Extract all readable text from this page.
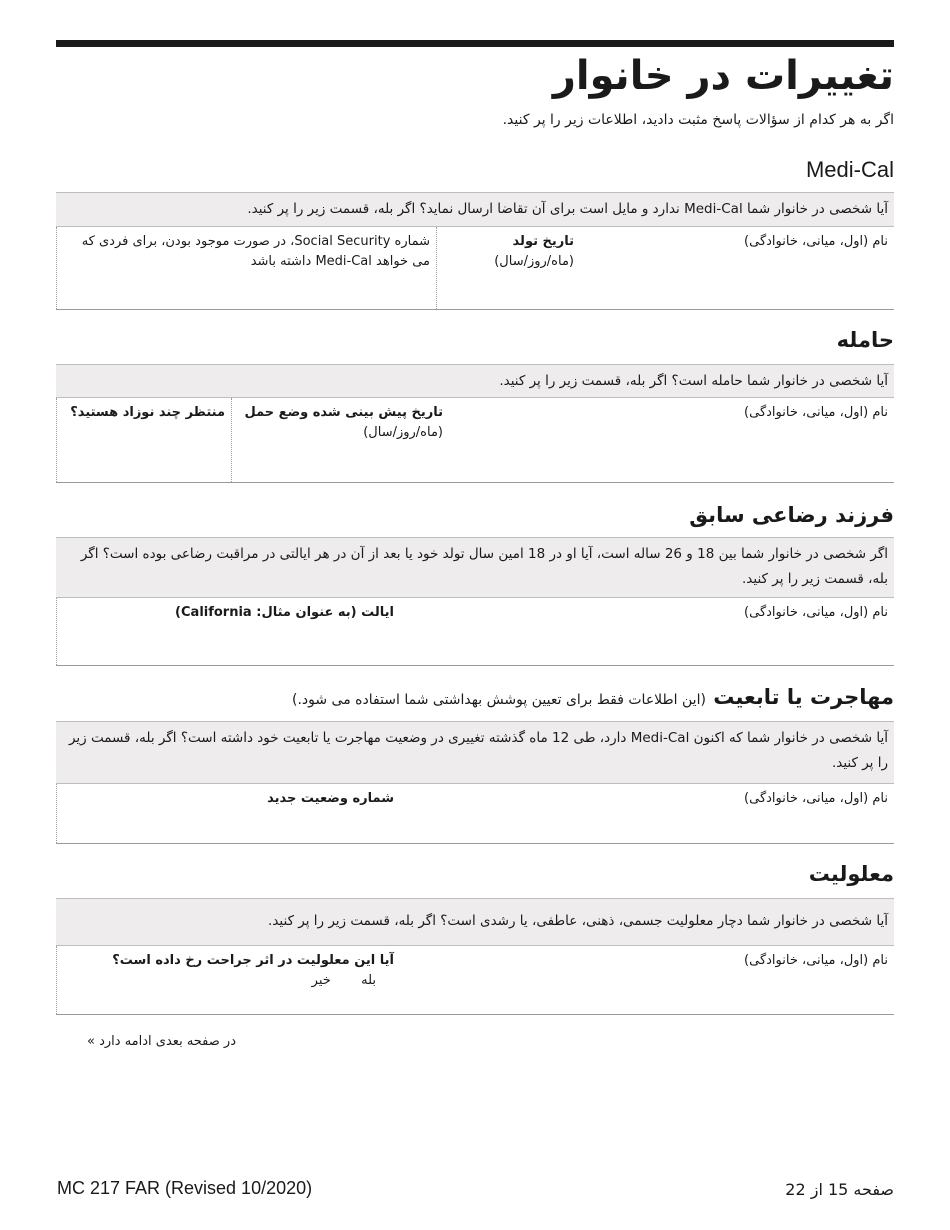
تغییرات در خانوار
اگر به هر کدام از سؤالات پاسخ مثبت دادید، اطلاعات زیر را پر کنید.
Medi-Cal
آیا شخصی در خانوار شما Medi-Cal ندارد و مایل است برای آن تقاضا ارسال نماید؟ اگر بله، قسمت زیر را پر کنید.
نام (اول، میانی، خانوادگی)
تاریخ تولد
(ماه/روز/سال)
شماره Social Security، در صورت موجود بودن، برای فردی که می خواهد Medi-Cal داشته باشد
حامله
آیا شخصی در خانوار شما حامله است؟ اگر بله، قسمت زیر را پر کنید.
نام (اول، میانی، خانوادگی)
تاریخ پیش بینی شده وضع حمل
(ماه/روز/سال)
منتظر چند نوزاد هستید؟
فرزند رضاعی سابق
اگر شخصی در خانوار شما بین 18 و 26 ساله است، آیا او در 18 امین سال تولد خود یا بعد از آن در هر ایالتی در مراقبت رضاعی بوده است؟ اگر بله، قسمت زیر را پر کنید.
نام (اول، میانی، خانوادگی)
ایالت (به عنوان مثال: California)
مهاجرت یا تابعیت (این اطلاعات فقط برای تعیین پوشش بهداشتی شما استفاده می شود.)
آیا شخصی در خانوار شما که اکنون Medi-Cal دارد، طی 12 ماه گذشته تغییری در وضعیت مهاجرت یا تابعیت خود داشته است؟ اگر بله، قسمت زیر را پر کنید.
نام (اول، میانی، خانوادگی)
شماره وضعیت جدید
معلولیت
آیا شخصی در خانوار شما دچار معلولیت جسمی، ذهنی، عاطفی، یا رشدی است؟ اگر بله، قسمت زیر را پر کنید.
نام (اول، میانی، خانوادگی)
آیا این معلولیت در اثر جراحت رخ داده است؟
بله  خیر
در صفحه بعدی ادامه دارد »
MC 217 FAR (Revised 10/2020)	صفحه 15 از 22
